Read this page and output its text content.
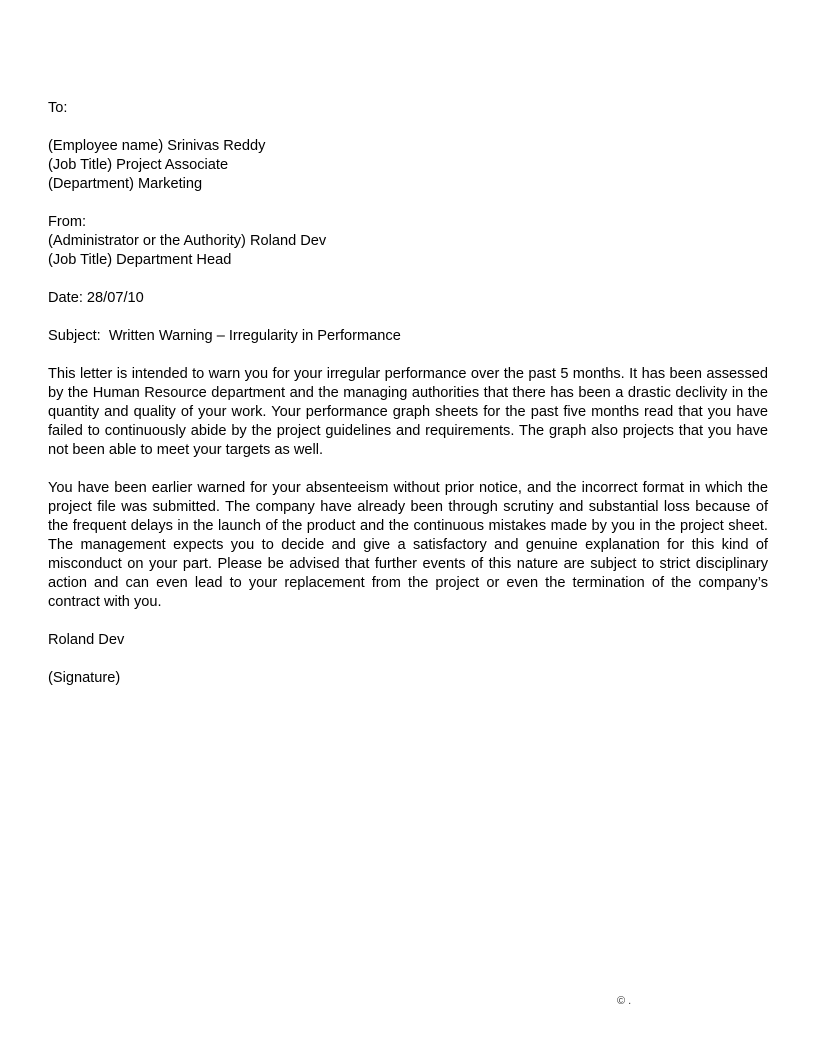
To:

(Employee name) Srinivas Reddy

(Job Title) Project Associate

(Department) Marketing

From:

(Administrator or the Authority) Roland Dev

(Job Title) Department Head

Date: 28/07/10

Subject:  Written Warning – Irregularity in Performance

This letter is intended to warn you for your irregular performance over the past 5 months. It has been assessed by the Human Resource department and the managing authorities that there has been a drastic declivity in the quantity and quality of your work. Your performance graph sheets for the past five months read that you have failed to continuously abide by the project guidelines and requirements. The graph also projects that you have not been able to meet your targets as well.

You have been earlier warned for your absenteeism without prior notice, and the incorrect format in which the project file was submitted. The company have already been through scrutiny and substantial loss because of the frequent delays in the launch of the product and the continuous mistakes made by you in the project sheet. The management expects you to decide and give a satisfactory and genuine explanation for this kind of misconduct on your part. Please be advised that further events of this nature are subject to strict disciplinary action and can even lead to your replacement from the project or even the termination of the company’s contract with you.

Roland Dev

(Signature)

© .
